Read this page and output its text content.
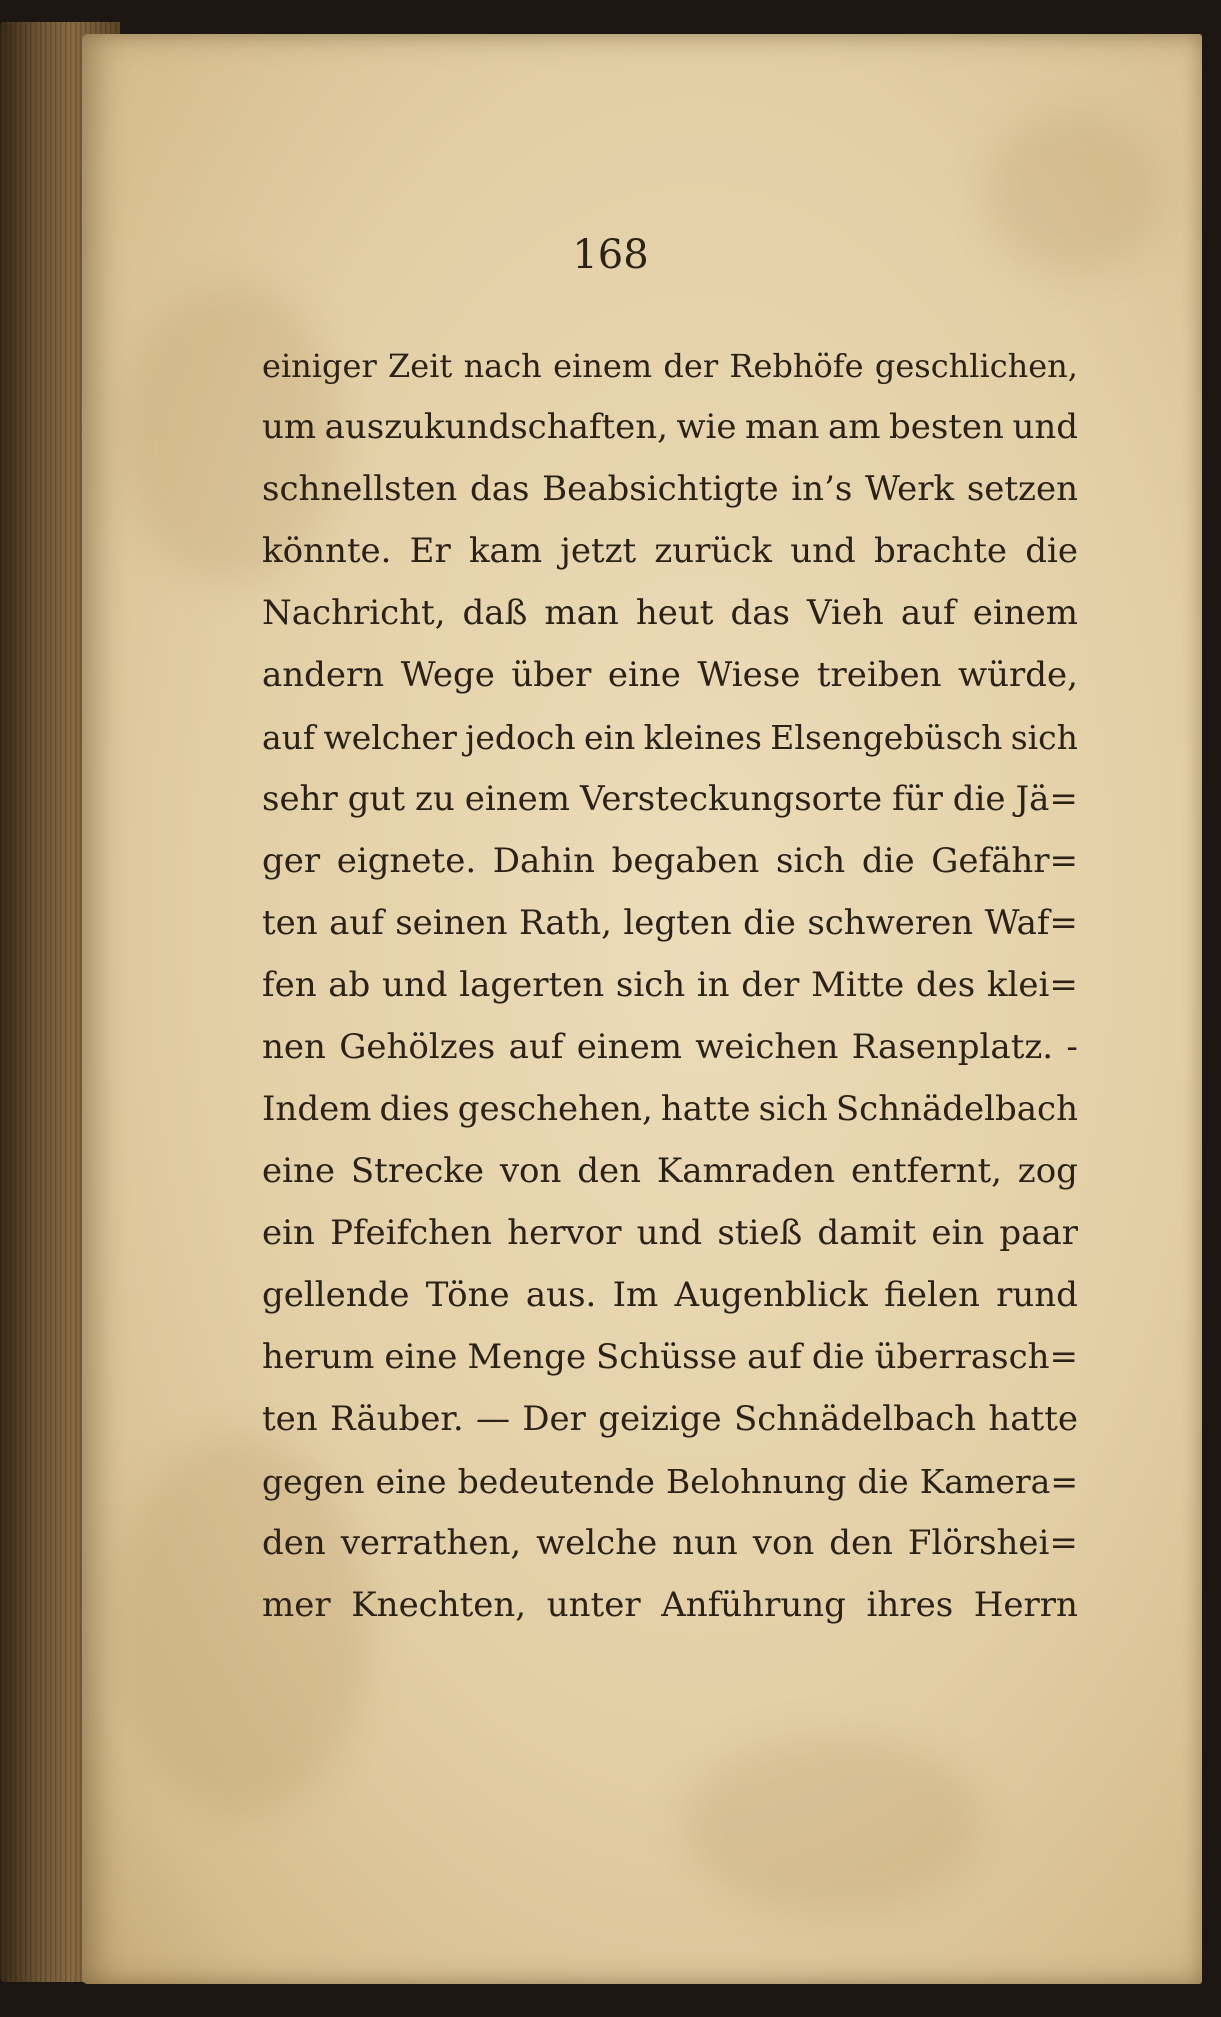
168

einiger Zeit nach einem der Rebhöfe geschlichen,
um auszukundschaften, wie man am besten und
schnellsten das Beabsichtigte in’s Werk setzen
könnte. Er kam jetzt zurück und brachte die
Nachricht, daß man heut das Vieh auf einem
andern Wege über eine Wiese treiben würde,
auf welcher jedoch ein kleines Elsengebüsch sich
sehr gut zu einem Versteckungsorte für die Jä=
ger eignete. Dahin begaben sich die Gefähr=
ten auf seinen Rath, legten die schweren Waf=
fen ab und lagerten sich in der Mitte des klei=
nen Gehölzes auf einem weichen Rasenplatz. -
Indem dies geschehen, hatte sich Schnädelbach
eine Strecke von den Kamraden entfernt, zog
ein Pfeifchen hervor und stieß damit ein paar
gellende Töne aus. Im Augenblick fielen rund
herum eine Menge Schüsse auf die überrasch=
ten Räuber. — Der geizige Schnädelbach hatte
gegen eine bedeutende Belohnung die Kamera=
den verrathen, welche nun von den Flörshei=
mer Knechten, unter Anführung ihres Herrn
